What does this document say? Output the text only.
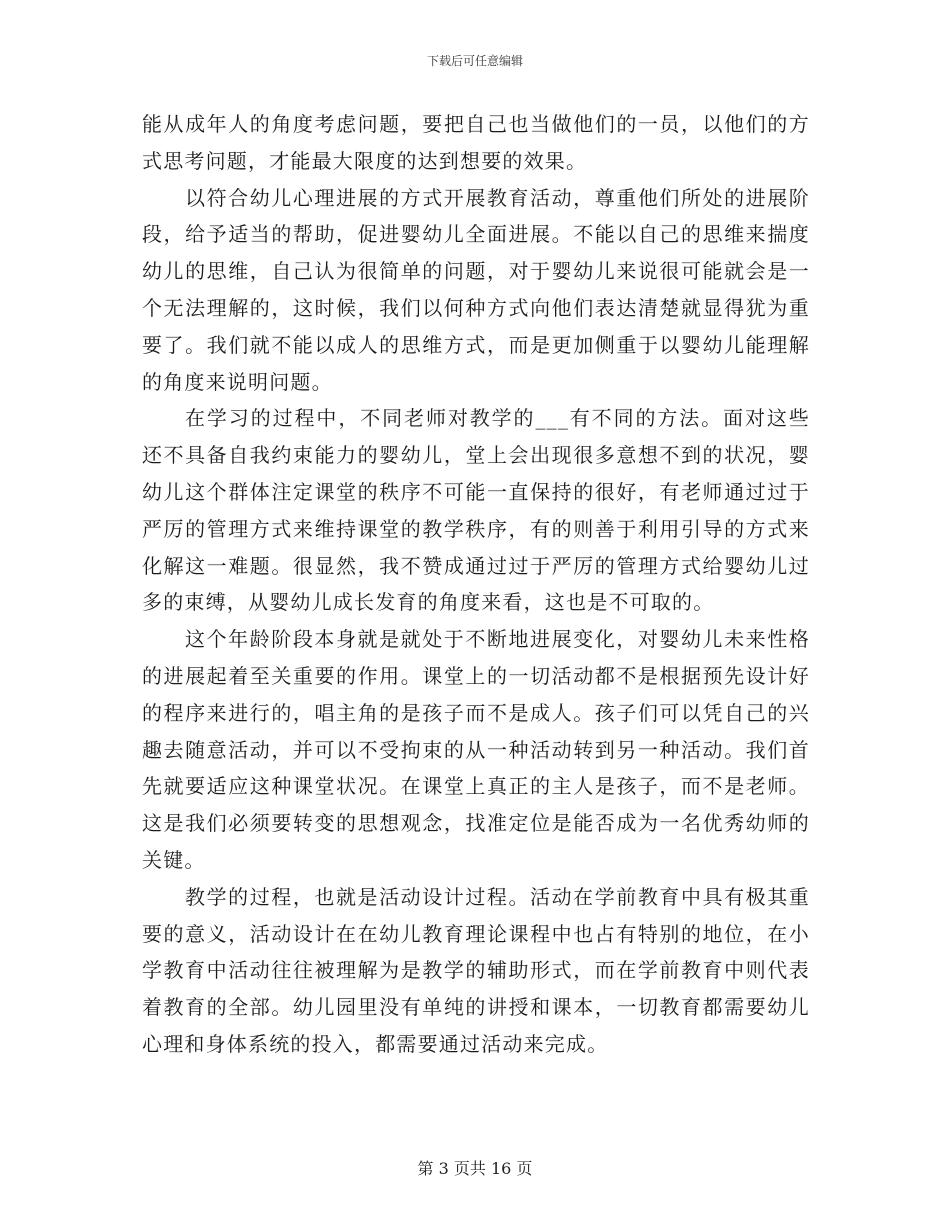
下载后可任意编辑

能从成年人的角度考虑问题，要把自己也当做他们的一员，以他们的方式思考问题，才能最大限度的达到想要的效果。

以符合幼儿心理进展的方式开展教育活动，尊重他们所处的进展阶段，给予适当的帮助，促进婴幼儿全面进展。不能以自己的思维来揣度幼儿的思维，自己认为很简单的问题，对于婴幼儿来说很可能就会是一个无法理解的，这时候，我们以何种方式向他们表达清楚就显得犹为重要了。我们就不能以成人的思维方式，而是更加侧重于以婴幼儿能理解的角度来说明问题。

在学习的过程中，不同老师对教学的___有不同的方法。面对这些还不具备自我约束能力的婴幼儿，堂上会出现很多意想不到的状况，婴幼儿这个群体注定课堂的秩序不可能一直保持的很好，有老师通过过于严厉的管理方式来维持课堂的教学秩序，有的则善于利用引导的方式来化解这一难题。很显然，我不赞成通过过于严厉的管理方式给婴幼儿过多的束缚，从婴幼儿成长发育的角度来看，这也是不可取的。

这个年龄阶段本身就是就处于不断地进展变化，对婴幼儿未来性格的进展起着至关重要的作用。课堂上的一切活动都不是根据预先设计好的程序来进行的，唱主角的是孩子而不是成人。孩子们可以凭自己的兴趣去随意活动，并可以不受拘束的从一种活动转到另一种活动。我们首先就要适应这种课堂状况。在课堂上真正的主人是孩子，而不是老师。这是我们必须要转变的思想观念，找准定位是能否成为一名优秀幼师的关键。

教学的过程，也就是活动设计过程。活动在学前教育中具有极其重要的意义，活动设计在在幼儿教育理论课程中也占有特别的地位，在小学教育中活动往往被理解为是教学的辅助形式，而在学前教育中则代表着教育的全部。幼儿园里没有单纯的讲授和课本，一切教育都需要幼儿心理和身体系统的投入，都需要通过活动来完成。

第 3 页共 16 页
